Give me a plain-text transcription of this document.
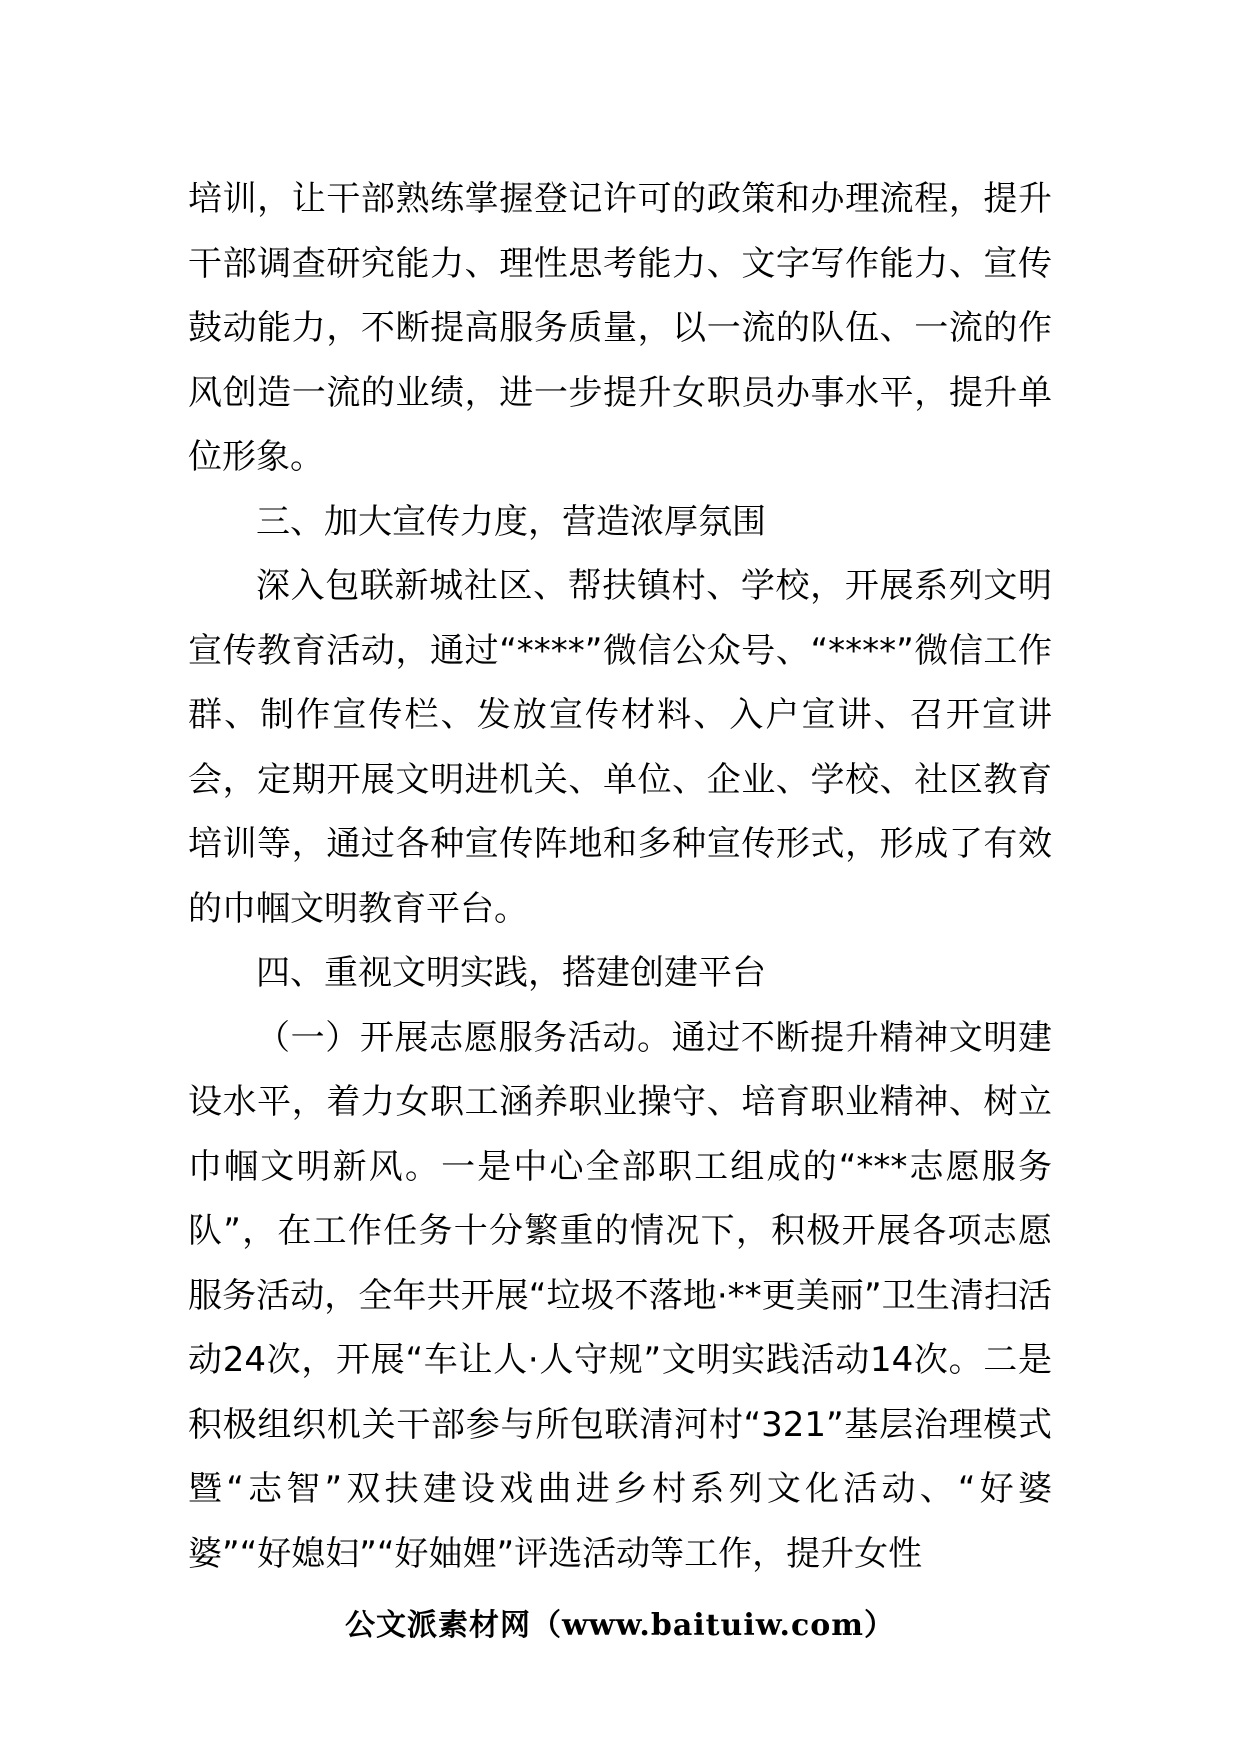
培训，让干部熟练掌握登记许可的政策和办理流程，提升干部调查研究能力、理性思考能力、文字写作能力、宣传鼓动能力，不断提高服务质量，以一流的队伍、一流的作风创造一流的业绩，进一步提升女职员办事水平，提升单位形象。

三、加大宣传力度，营造浓厚氛围

深入包联新城社区、帮扶镇村、学校，开展系列文明宣传教育活动，通过“****”微信公众号、“****”微信工作群、制作宣传栏、发放宣传材料、入户宣讲、召开宣讲会，定期开展文明进机关、单位、企业、学校、社区教育培训等，通过各种宣传阵地和多种宣传形式，形成了有效的巾帼文明教育平台。

四、重视文明实践，搭建创建平台

（一）开展志愿服务活动。通过不断提升精神文明建设水平，着力女职工涵养职业操守、培育职业精神、树立巾帼文明新风。一是中心全部职工组成的“***志愿服务队”，在工作任务十分繁重的情况下，积极开展各项志愿服务活动，全年共开展“垃圾不落地·**更美丽”卫生清扫活动24次，开展“车让人·人守规”文明实践活动14次。二是积极组织机关干部参与所包联清河村“321”基层治理模式暨“志智”双扶建设戏曲进乡村系列文化活动、“好婆婆”“好媳妇”“好妯娌”评选活动等工作，提升女性

公文派素材网（www.baituiw.com）
